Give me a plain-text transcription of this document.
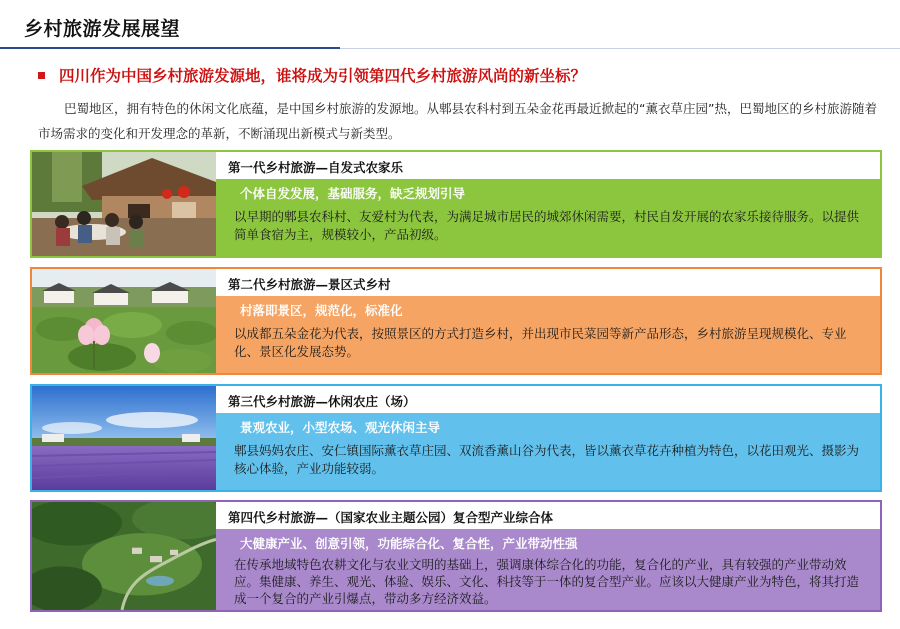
乡村旅游发展展望
四川作为中国乡村旅游发源地，谁将成为引领第四代乡村旅游风尚的新坐标？
巴蜀地区，拥有特色的休闲文化底蕴，是中国乡村旅游的发源地。从郫县农科村到五朵金花再最近掀起的“薰衣草庄园”热，巴蜀地区的乡村旅游随着市场需求的变化和开发理念的革新，不断涌现出新模式与新类型。
第一代乡村旅游—自发式农家乐
个体自发发展，基础服务，缺乏规划引导
以早期的郫县农科村、友爱村为代表，为满足城市居民的城郊休闲需要，村民自发开展的农家乐接待服务。以提供简单食宿为主，规模较小，产品初级。
第二代乡村旅游—景区式乡村
村落即景区，规范化，标准化
以成都五朵金花为代表，按照景区的方式打造乡村，并出现市民菜园等新产品形态，乡村旅游呈现规模化、专业化、景区化发展态势。
第三代乡村旅游—休闲农庄（场）
景观农业，小型农场、观光休闲主导
郫县妈妈农庄、安仁镇国际薰衣草庄园、双流香薰山谷为代表，皆以薰衣草花卉种植为特色，以花田观光、摄影为核心体验，产业功能较弱。
第四代乡村旅游—（国家农业主题公园）复合型产业综合体
大健康产业、创意引领，功能综合化、复合性，产业带动性强
在传承地域特色农耕文化与农业文明的基础上，强调康体综合化的功能，复合化的产业，具有较强的产业带动效应。集健康、养生、观光、体验、娱乐、文化、科技等于一体的复合型产业。应该以大健康产业为特色，将其打造成一个复合的产业引爆点，带动多方经济效益。
